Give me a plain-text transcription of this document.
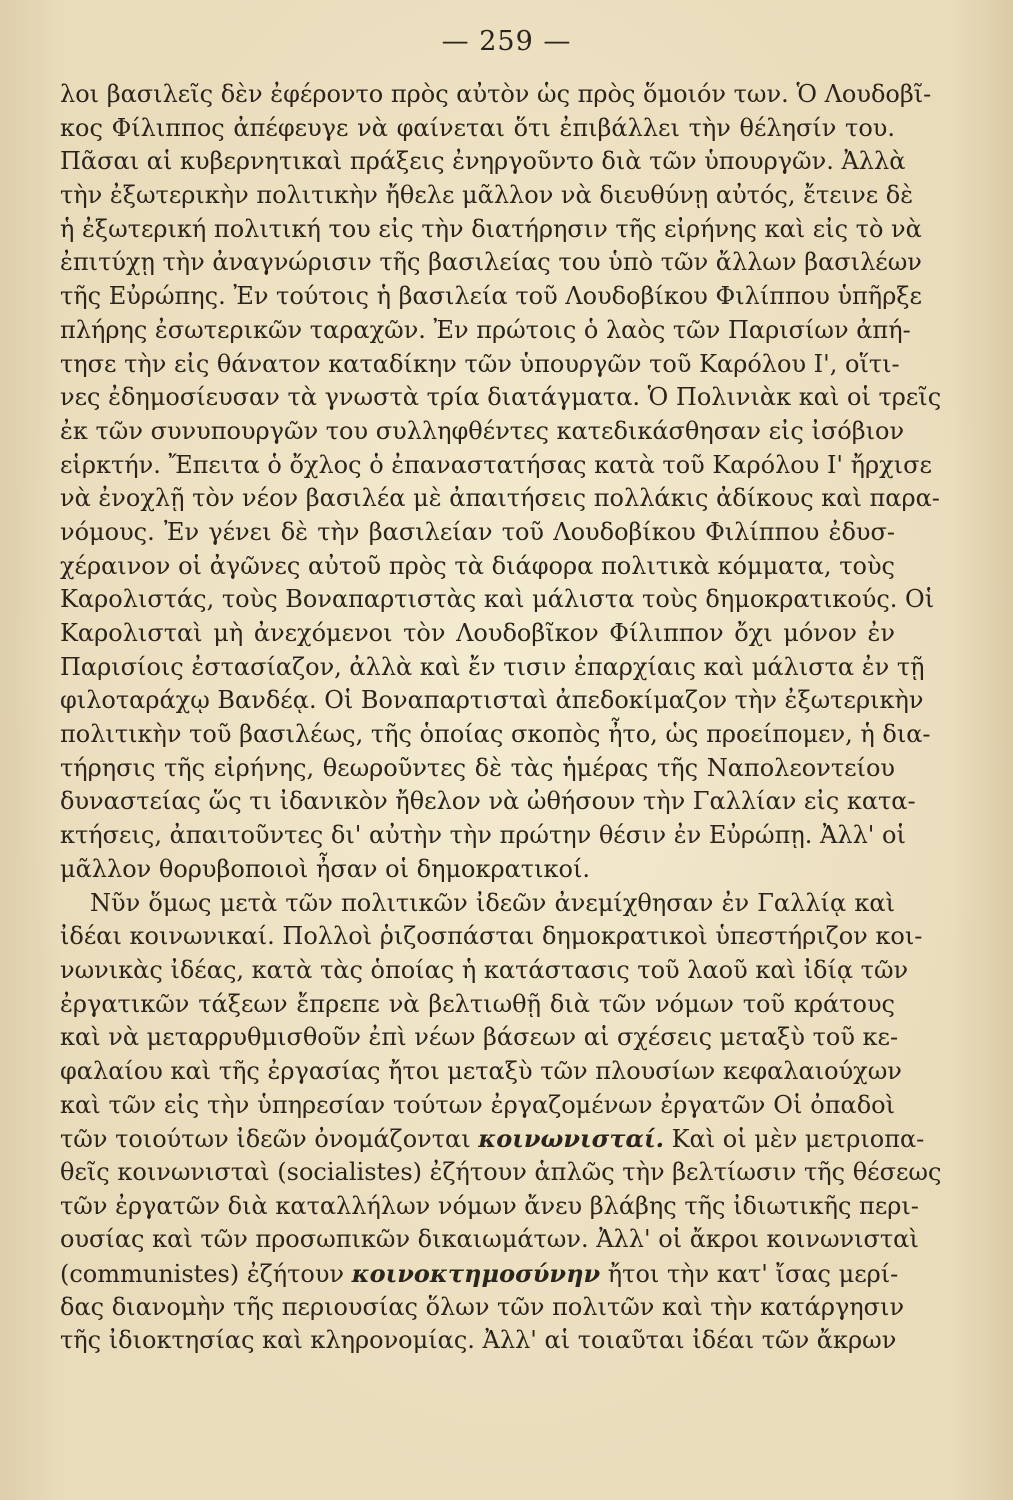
— 259 —
λοι βασιλεῖς δὲν ἐφέροντο πρὸς αὐτὸν ὡς πρὸς ὅμοιόν των. Ὁ Λουδοβῖ-
κος Φίλιππος ἀπέφευγε νὰ φαίνεται ὅτι ἐπιβάλλει τὴν θέλησίν του.
Πᾶσαι αἱ κυβερνητικαὶ πράξεις ἐνηργοῦντο διὰ τῶν ὑπουργῶν. Ἀλλὰ
τὴν ἐξωτερικὴν πολιτικὴν ἤθελε μᾶλλον νὰ διευθύνῃ αὐτός, ἔτεινε δὲ
ἡ ἐξωτερική πολιτική του εἰς τὴν διατήρησιν τῆς εἰρήνης καὶ εἰς τὸ νὰ
ἐπιτύχῃ τὴν ἀναγνώρισιν τῆς βασιλείας του ὑπὸ τῶν ἄλλων βασιλέων
τῆς Εὐρώπης. Ἐν τούτοις ἡ βασιλεία τοῦ Λουδοβίκου Φιλίππου ὑπῆρξε
πλήρης ἐσωτερικῶν ταραχῶν. Ἐν πρώτοις ὁ λαὸς τῶν Παρισίων ἀπή-
τησε τὴν εἰς θάνατον καταδίκην τῶν ὑπουργῶν τοῦ Καρόλου Ι', οἵτι-
νες ἐδημοσίευσαν τὰ γνωστὰ τρία διατάγματα. Ὁ Πολινιὰκ καὶ οἱ τρεῖς
ἐκ τῶν συνυπουργῶν του συλληφθέντες κατεδικάσθησαν εἰς ἰσόβιον
εἱρκτήν. Ἔπειτα ὁ ὄχλος ὁ ἐπαναστατήσας κατὰ τοῦ Καρόλου Ι' ἤρχισε
νὰ ἐνοχλῇ τὸν νέον βασιλέα μὲ ἀπαιτήσεις πολλάκις ἀδίκους καὶ παρα-
νόμους. Ἐν γένει δὲ τὴν βασιλείαν τοῦ Λουδοβίκου Φιλίππου ἐδυσ-
χέραινον οἱ ἀγῶνες αὐτοῦ πρὸς τὰ διάφορα πολιτικὰ κόμματα, τοὺς
Καρολιστάς, τοὺς Βοναπαρτιστὰς καὶ μάλιστα τοὺς δημοκρατικούς. Οἱ
Καρολισταὶ μὴ ἀνεχόμενοι τὸν Λουδοβῖκον Φίλιππον ὄχι μόνον ἐν
Παρισίοις ἐστασίαζον, ἀλλὰ καὶ ἔν τισιν ἐπαρχίαις καὶ μάλιστα ἐν τῇ
φιλοταράχῳ Βανδέᾳ. Οἱ Βοναπαρτισταὶ ἀπεδοκίμαζον τὴν ἐξωτερικὴν
πολιτικὴν τοῦ βασιλέως, τῆς ὁποίας σκοπὸς ἦτο, ὡς προείπομεν, ἡ δια-
τήρησις τῆς εἰρήνης, θεωροῦντες δὲ τὰς ἡμέρας τῆς Ναπολεοντείου
δυναστείας ὥς τι ἰδανικὸν ἤθελον νὰ ὠθήσουν τὴν Γαλλίαν εἰς κατα-
κτήσεις, ἀπαιτοῦντες δι' αὐτὴν τὴν πρώτην θέσιν ἐν Εὐρώπῃ. Ἀλλ' οἱ
μᾶλλον θορυβοποιοὶ ἦσαν οἱ δημοκρατικοί.
Νῦν ὅμως μετὰ τῶν πολιτικῶν ἰδεῶν ἀνεμίχθησαν ἐν Γαλλίᾳ καὶ
ἰδέαι κοινωνικαί. Πολλοὶ ῥιζοσπάσται δημοκρατικοὶ ὑπεστήριζον κοι-
νωνικὰς ἰδέας, κατὰ τὰς ὁποίας ἡ κατάστασις τοῦ λαοῦ καὶ ἰδίᾳ τῶν
ἐργατικῶν τάξεων ἔπρεπε νὰ βελτιωθῇ διὰ τῶν νόμων τοῦ κράτους
καὶ νὰ μεταρρυθμισθοῦν ἐπὶ νέων βάσεων αἱ σχέσεις μεταξὺ τοῦ κε-
φαλαίου καὶ τῆς ἐργασίας ἤτοι μεταξὺ τῶν πλουσίων κεφαλαιούχων
καὶ τῶν εἰς τὴν ὑπηρεσίαν τούτων ἐργαζομένων ἐργατῶν Οἱ ὀπαδοὶ
τῶν τοιούτων ἰδεῶν ὀνομάζονται κοινωνισταί. Καὶ οἱ μὲν μετριοπα-
θεῖς κοινωνισταὶ (socialistes) ἐζήτουν ἁπλῶς τὴν βελτίωσιν τῆς θέσεως
τῶν ἐργατῶν διὰ καταλλήλων νόμων ἄνευ βλάβης τῆς ἰδιωτικῆς περι-
ουσίας καὶ τῶν προσωπικῶν δικαιωμάτων. Ἀλλ' οἱ ἄκροι κοινωνισταὶ
(communistes) ἐζήτουν κοινοκτημοσύνην ἤτοι τὴν κατ' ἴσας μερί-
δας διανομὴν τῆς περιουσίας ὅλων τῶν πολιτῶν καὶ τὴν κατάργησιν
τῆς ἰδιοκτησίας καὶ κληρονομίας. Ἀλλ' αἱ τοιαῦται ἰδέαι τῶν ἄκρων
